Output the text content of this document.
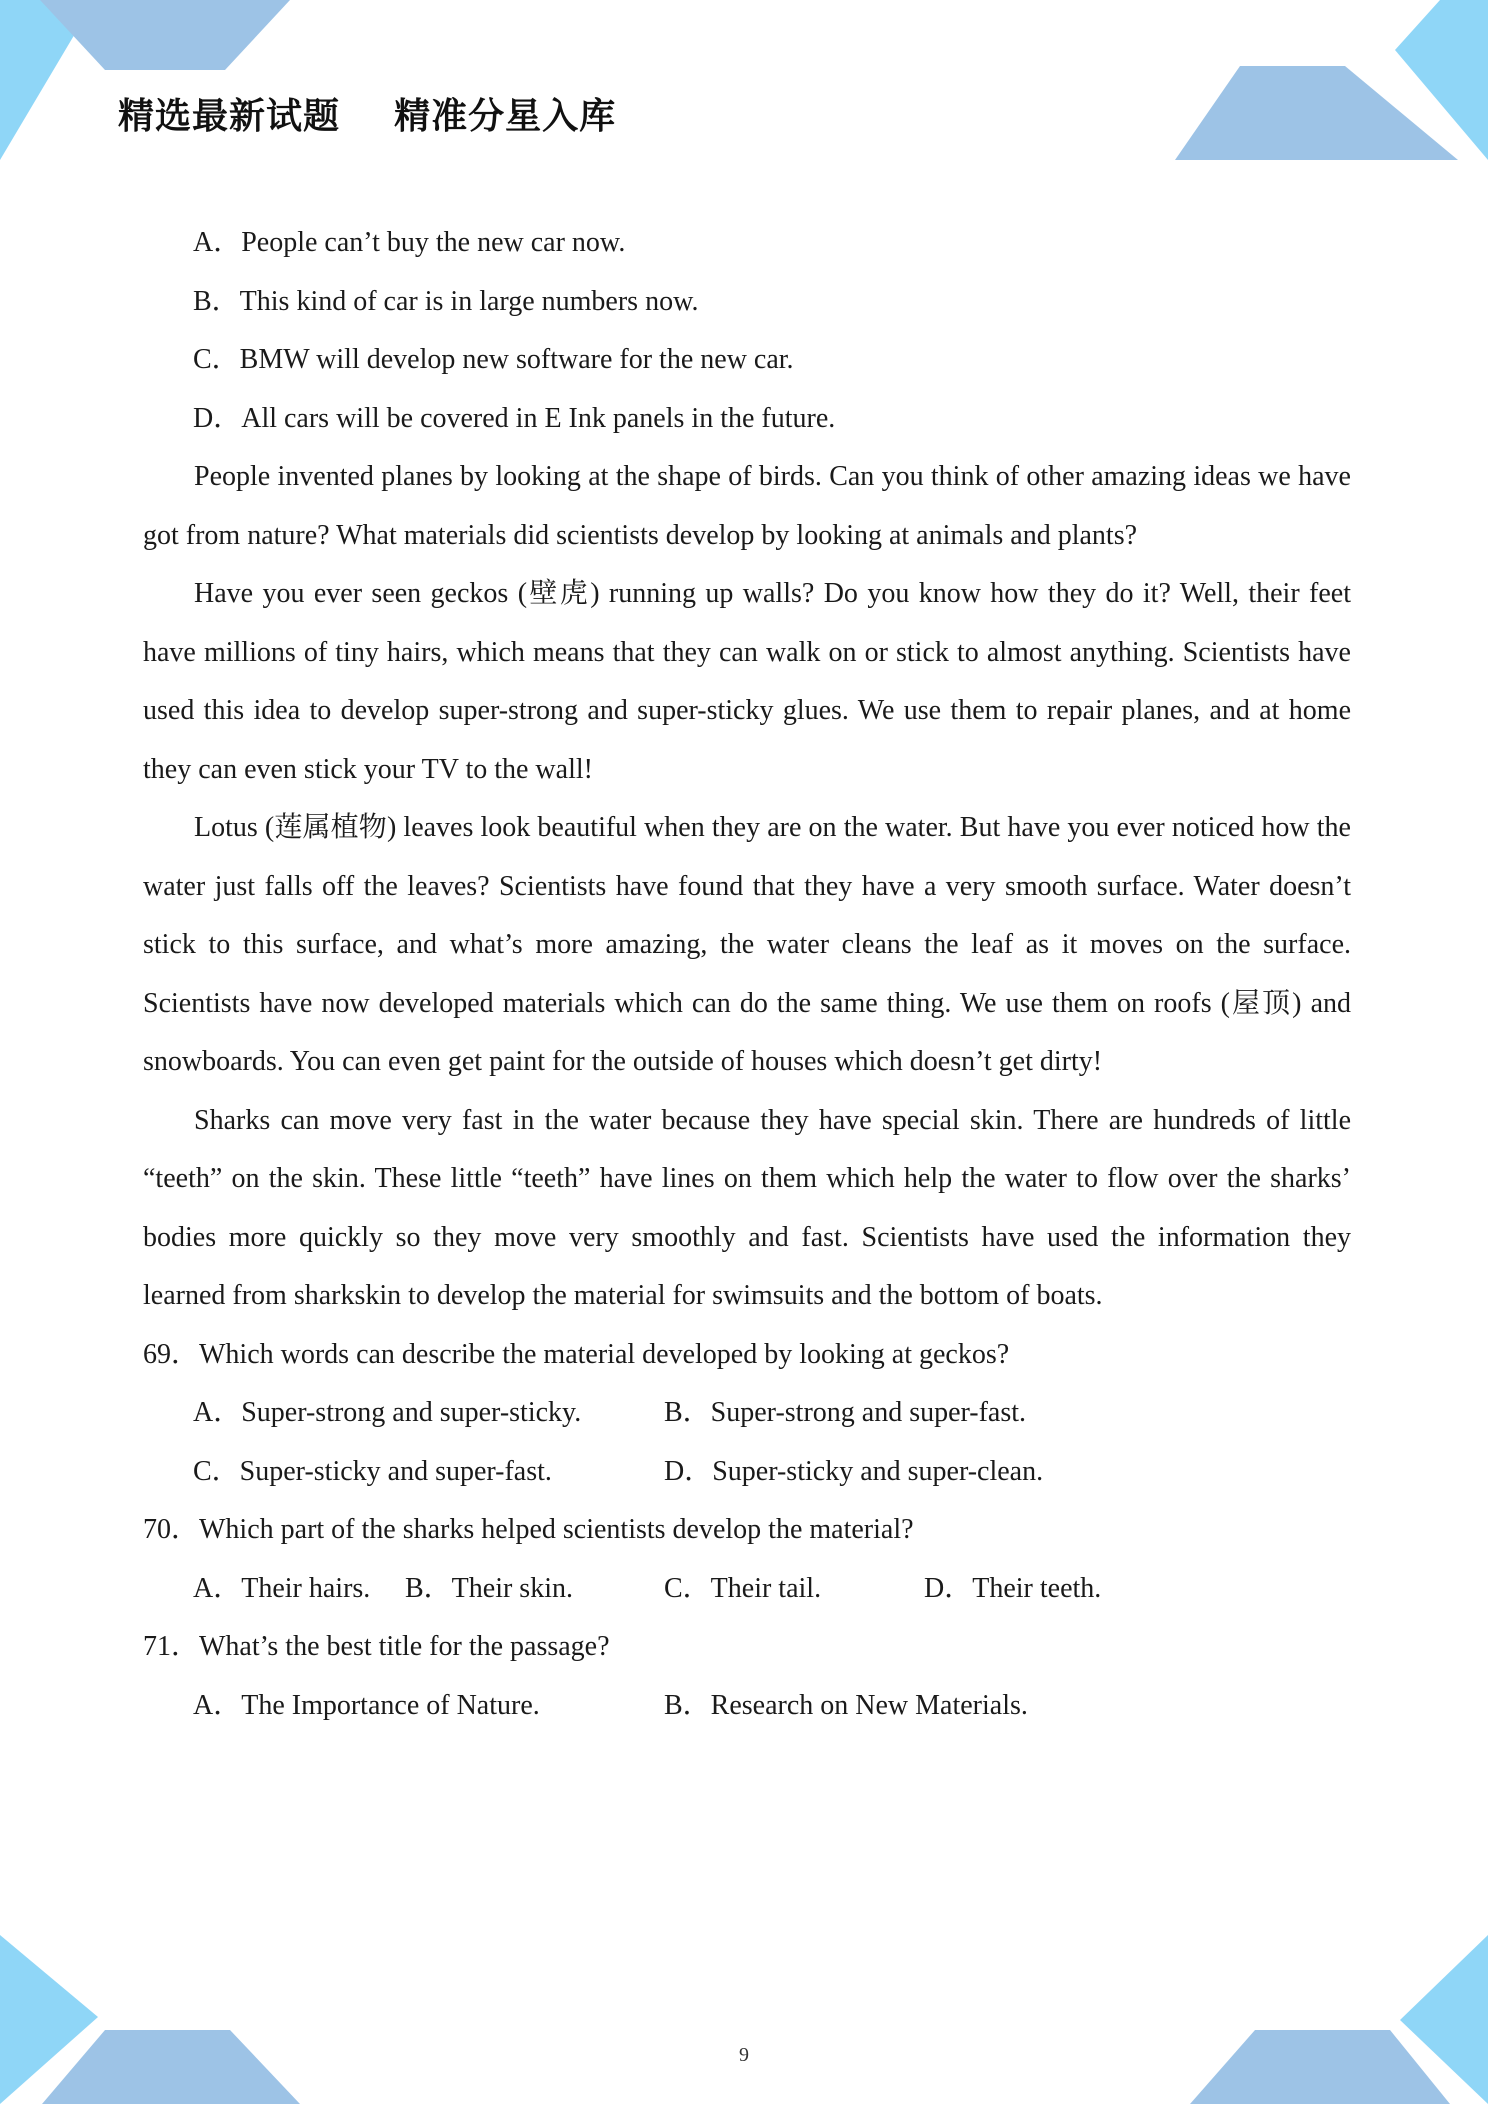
精选最新试题    精准分星入库
A．People can’t buy the new car now.
B．This kind of car is in large numbers now.
C．BMW will develop new software for the new car.
D．All cars will be covered in E Ink panels in the future.
People invented planes by looking at the shape of birds. Can you think of other amazing ideas we have got from nature? What materials did scientists develop by looking at animals and plants?
Have you ever seen geckos (壁虎) running up walls? Do you know how they do it? Well, their feet have millions of tiny hairs, which means that they can walk on or stick to almost anything. Scientists have used this idea to develop super-strong and super-sticky glues. We use them to repair planes, and at home they can even stick your TV to the wall!
Lotus (莲属植物) leaves look beautiful when they are on the water. But have you ever noticed how the water just falls off the leaves? Scientists have found that they have a very smooth surface. Water doesn’t stick to this surface, and what’s more amazing, the water cleans the leaf as it moves on the surface. Scientists have now developed materials which can do the same thing. We use them on roofs (屋顶) and snowboards. You can even get paint for the outside of houses which doesn’t get dirty!
Sharks can move very fast in the water because they have special skin. There are hundreds of little “teeth” on the skin. These little “teeth” have lines on them which help the water to flow over the sharks’ bodies more quickly so they move very smoothly and fast. Scientists have used the information they learned from sharkskin to develop the material for swimsuits and the bottom of boats.
69．Which words can describe the material developed by looking at geckos?
A．Super-strong and super-sticky.	B．Super-strong and super-fast.
C．Super-sticky and super-fast.	D．Super-sticky and super-clean.
70．Which part of the sharks helped scientists develop the material?
A．Their hairs.	B．Their skin.	C．Their tail.	D．Their teeth.
71．What’s the best title for the passage?
A．The Importance of Nature.	B．Research on New Materials.
9
